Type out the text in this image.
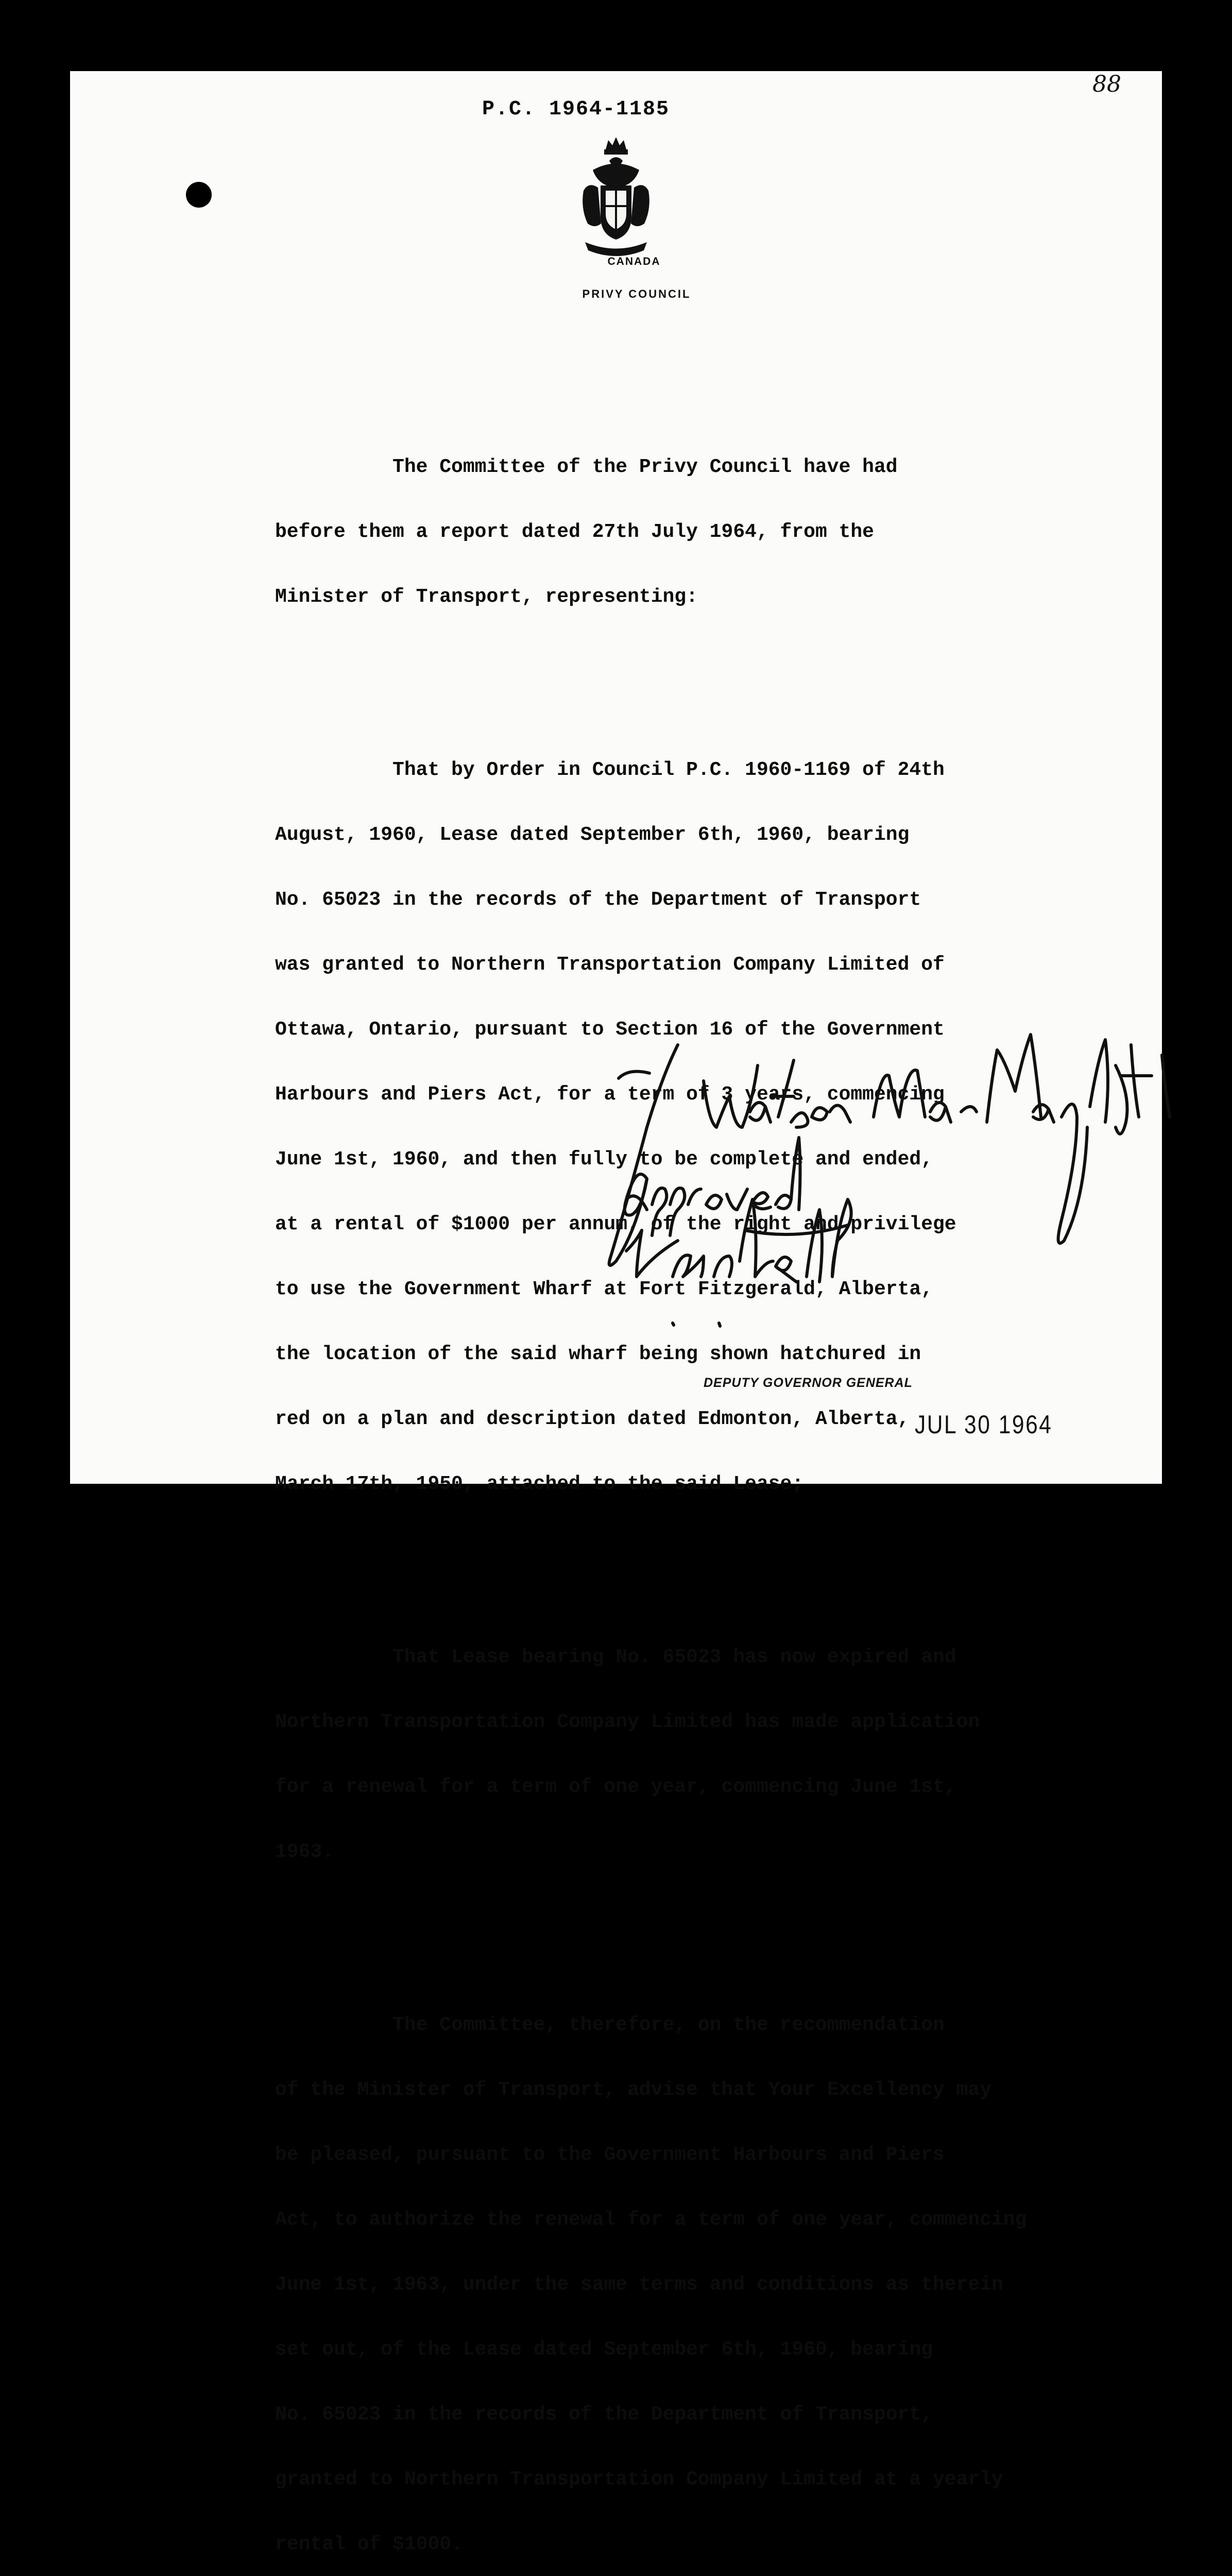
88
P.C. 1964-1185
CANADA
PRIVY COUNCIL

The Committee of the Privy Council have had

before them a report dated 27th July 1964, from the

Minister of Transport, representing:

That by Order in Council P.C. 1960-1169 of 24th

August, 1960, Lease dated September 6th, 1960, bearing

No. 65023 in the records of the Department of Transport

was granted to Northern Transportation Company Limited of

Ottawa, Ontario, pursuant to Section 16 of the Government

Harbours and Piers Act, for a term of 3 years, commencing

June 1st, 1960, and then fully to be complete and ended,

at a rental of $1000 per annum, of the right and privilege

to use the Government Wharf at Fort Fitzgerald, Alberta,

the location of the said wharf being shown hatchured in

red on a plan and description dated Edmonton, Alberta,

March 17th, 1950, attached to the said Lease;

That Lease bearing No. 65023 has now expired and

Northern Transportation Company Limited has made application

for a renewal for a term of one year, commencing June 1st,

1963.

The Committee, therefore, on the recommendation

of the Minister of Transport, advise that Your Excellency may

be pleased, pursuant to the Government Harbours and Piers

Act, to authorize the renewal for a term of one year, commencing

June 1st, 1963, under the same terms and conditions as therein

set out, of the Lease dated September 6th, 1960, bearing

No. 65023 in the records of the Department of Transport,

granted to Northern Transportation Company Limited at a yearly

rental of $1000.

DEPUTY GOVERNOR GENERAL
JUL 30 1964
